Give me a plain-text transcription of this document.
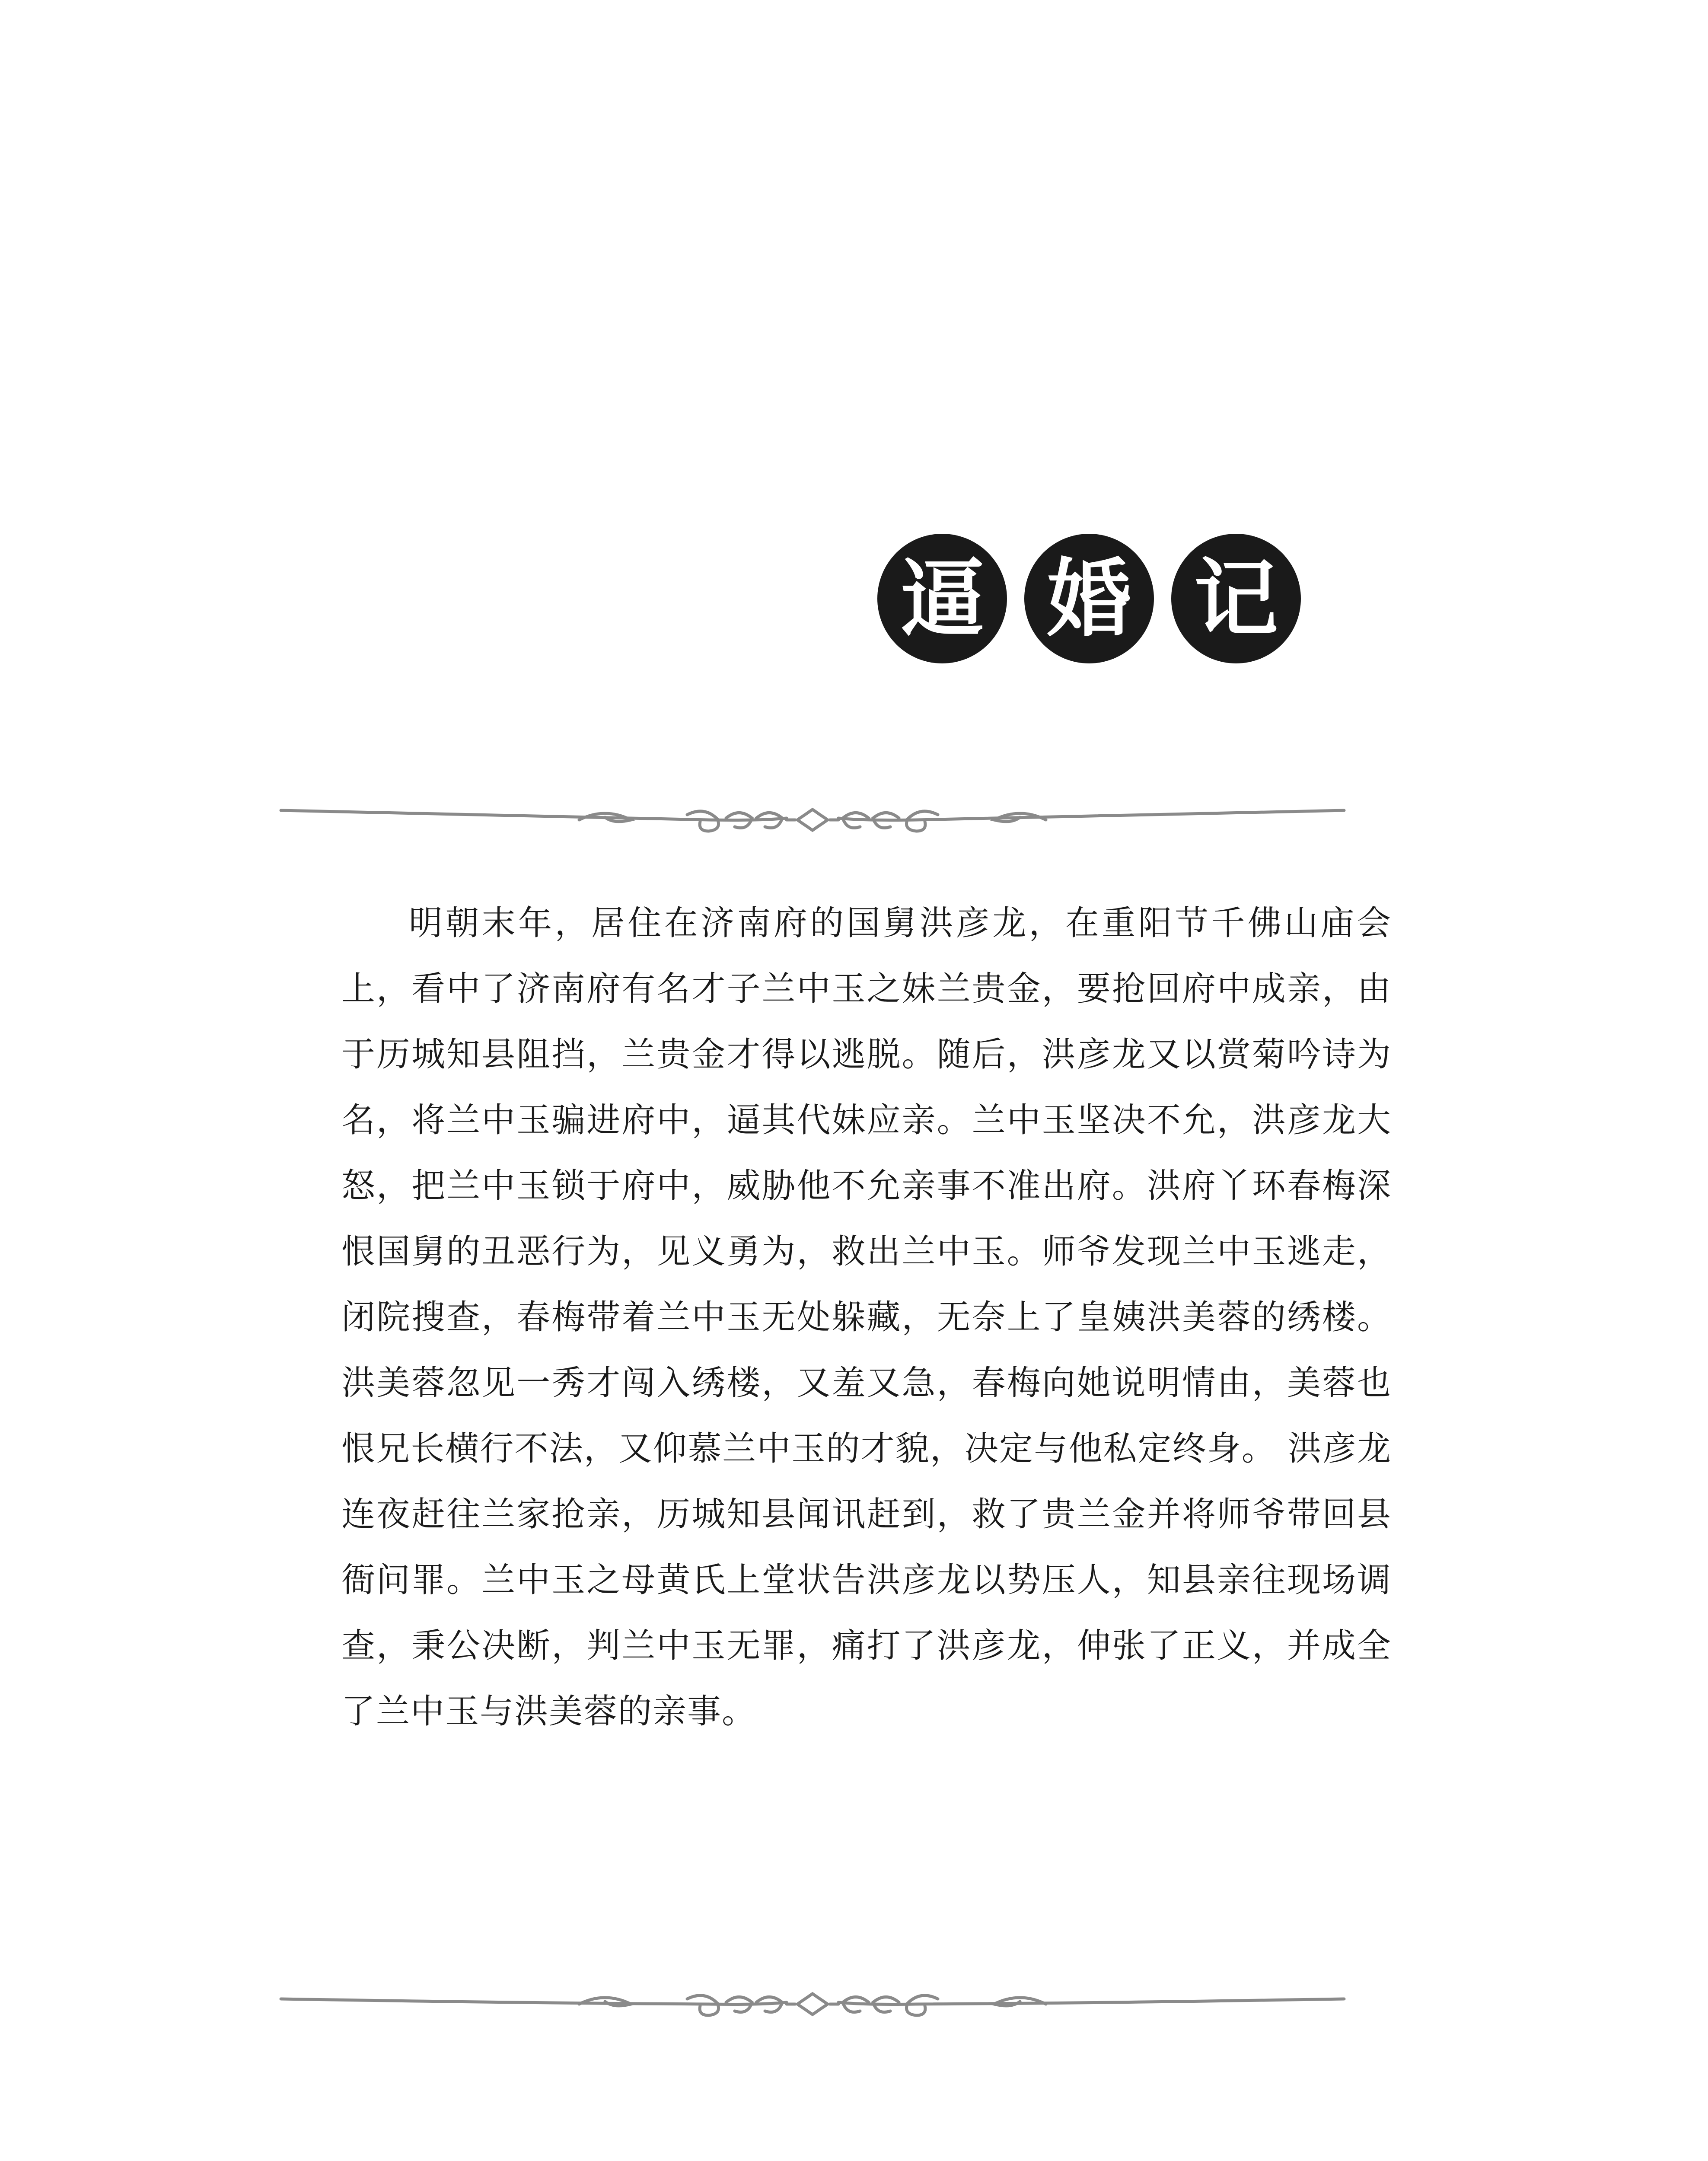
逼 婚 记

明朝末年，居住在济南府的国舅洪彦龙，在重阳节千佛山庙会上，看中了济南府有名才子兰中玉之妹兰贵金，要抢回府中成亲，由于历城知县阻挡，兰贵金才得以逃脱。随后，洪彦龙又以赏菊吟诗为名，将兰中玉骗进府中，逼其代妹应亲。兰中玉坚决不允，洪彦龙大怒，把兰中玉锁于府中，威胁他不允亲事不准出府。洪府丫环春梅深恨国舅的丑恶行为，见义勇为，救出兰中玉。师爷发现兰中玉逃走，闭院搜查，春梅带着兰中玉无处躲藏，无奈上了皇姨洪美蓉的绣楼。洪美蓉忽见一秀才闯入绣楼，又羞又急，春梅向她说明情由，美蓉也恨兄长横行不法，又仰慕兰中玉的才貌，决定与他私定终身。 洪彦龙连夜赶往兰家抢亲，历城知县闻讯赶到，救了贵兰金并将师爷带回县衙问罪。兰中玉之母黄氏上堂状告洪彦龙以势压人，知县亲往现场调查，秉公决断，判兰中玉无罪，痛打了洪彦龙，伸张了正义，并成全了兰中玉与洪美蓉的亲事。
